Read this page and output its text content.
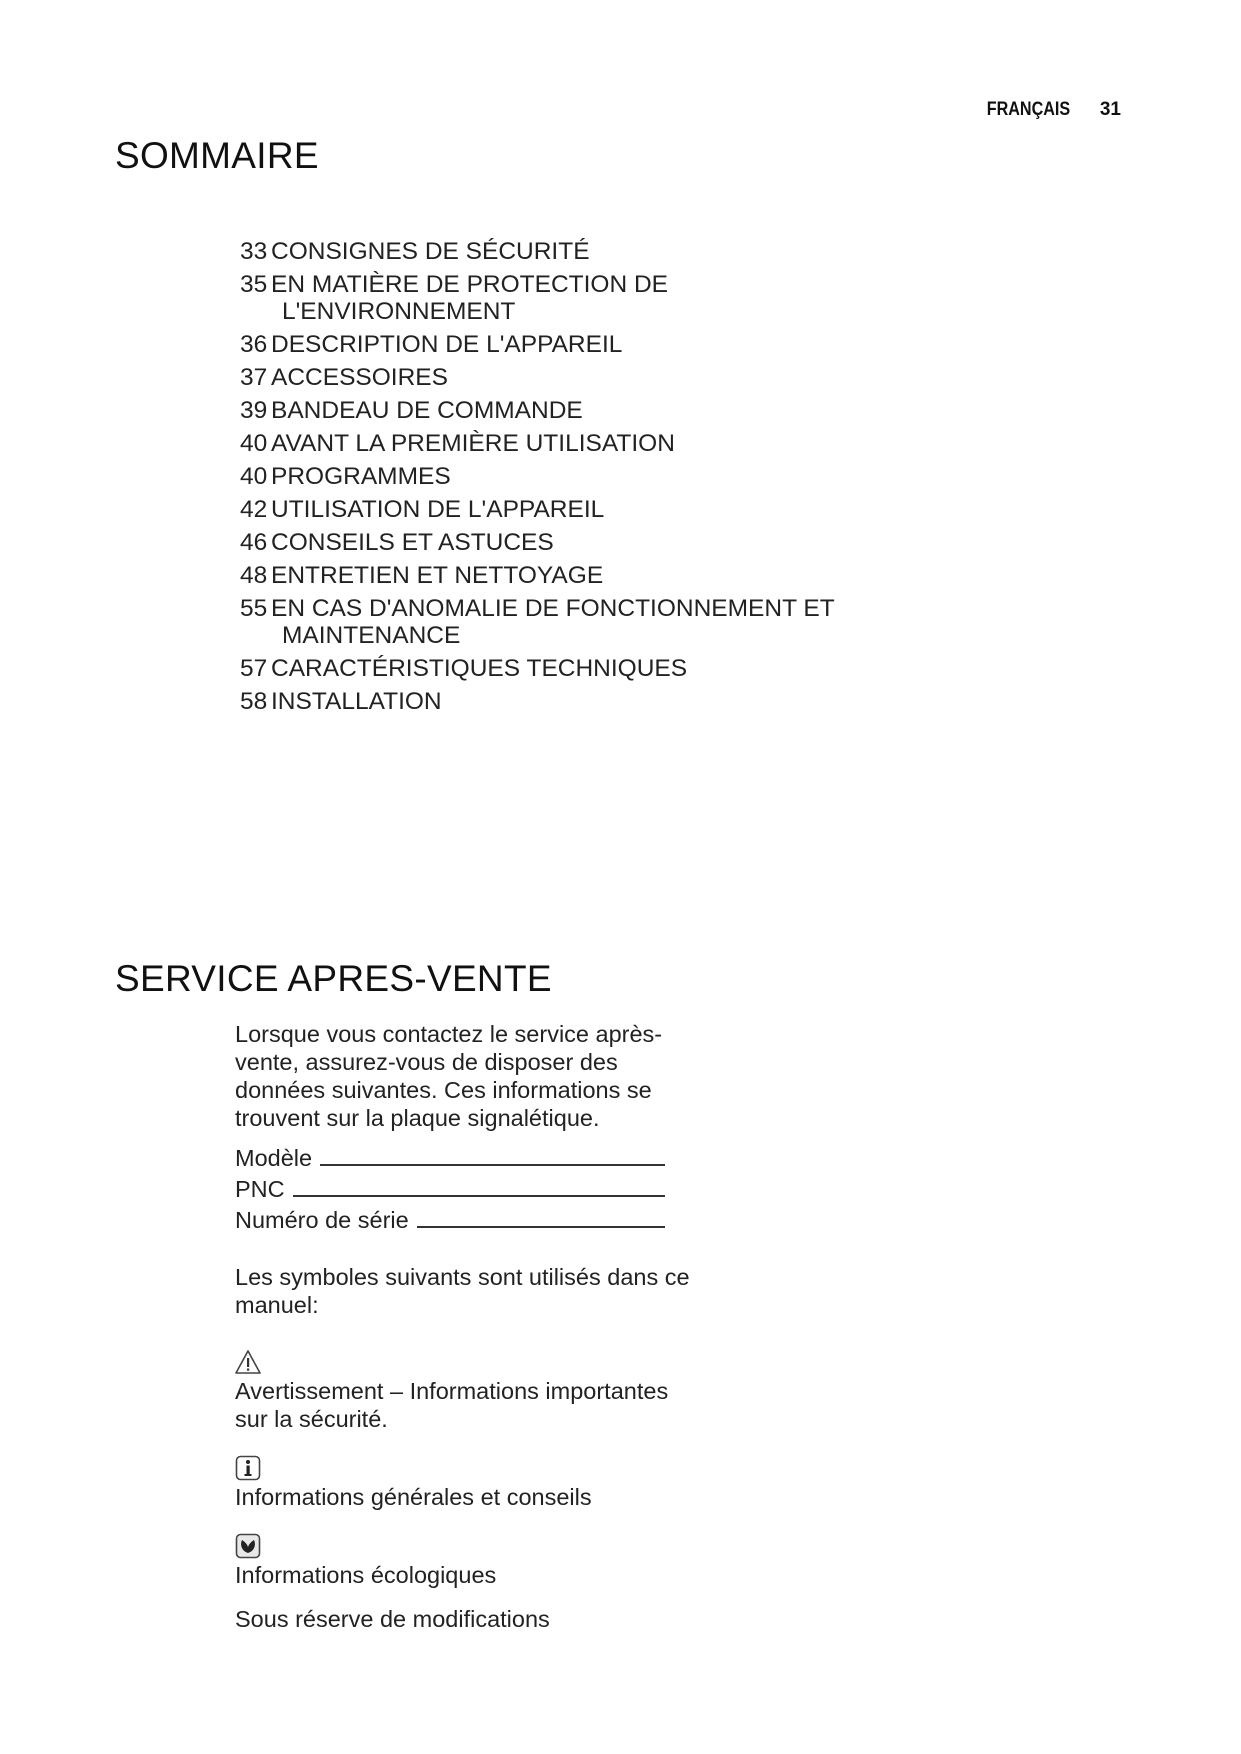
FRANÇAIS 31
SOMMAIRE
33 CONSIGNES DE SÉCURITÉ
35 EN MATIÈRE DE PROTECTION DE
L'ENVIRONNEMENT
36 DESCRIPTION DE L'APPAREIL
37 ACCESSOIRES
39 BANDEAU DE COMMANDE
40 AVANT LA PREMIÈRE UTILISATION
40 PROGRAMMES
42 UTILISATION DE L'APPAREIL
46 CONSEILS ET ASTUCES
48 ENTRETIEN ET NETTOYAGE
55 EN CAS D'ANOMALIE DE FONCTIONNEMENT ET
MAINTENANCE
57 CARACTÉRISTIQUES TECHNIQUES
58 INSTALLATION
SERVICE APRES-VENTE

Lorsque vous contactez le service après-vente, assurez-vous de disposer des données suivantes. Ces informations se trouvent sur la plaque signalétique.

Modèle
PNC
Numéro de série

Les symboles suivants sont utilisés dans ce manuel:

Avertissement – Informations importantes sur la sécurité.

Informations générales et conseils

Informations écologiques

Sous réserve de modifications
